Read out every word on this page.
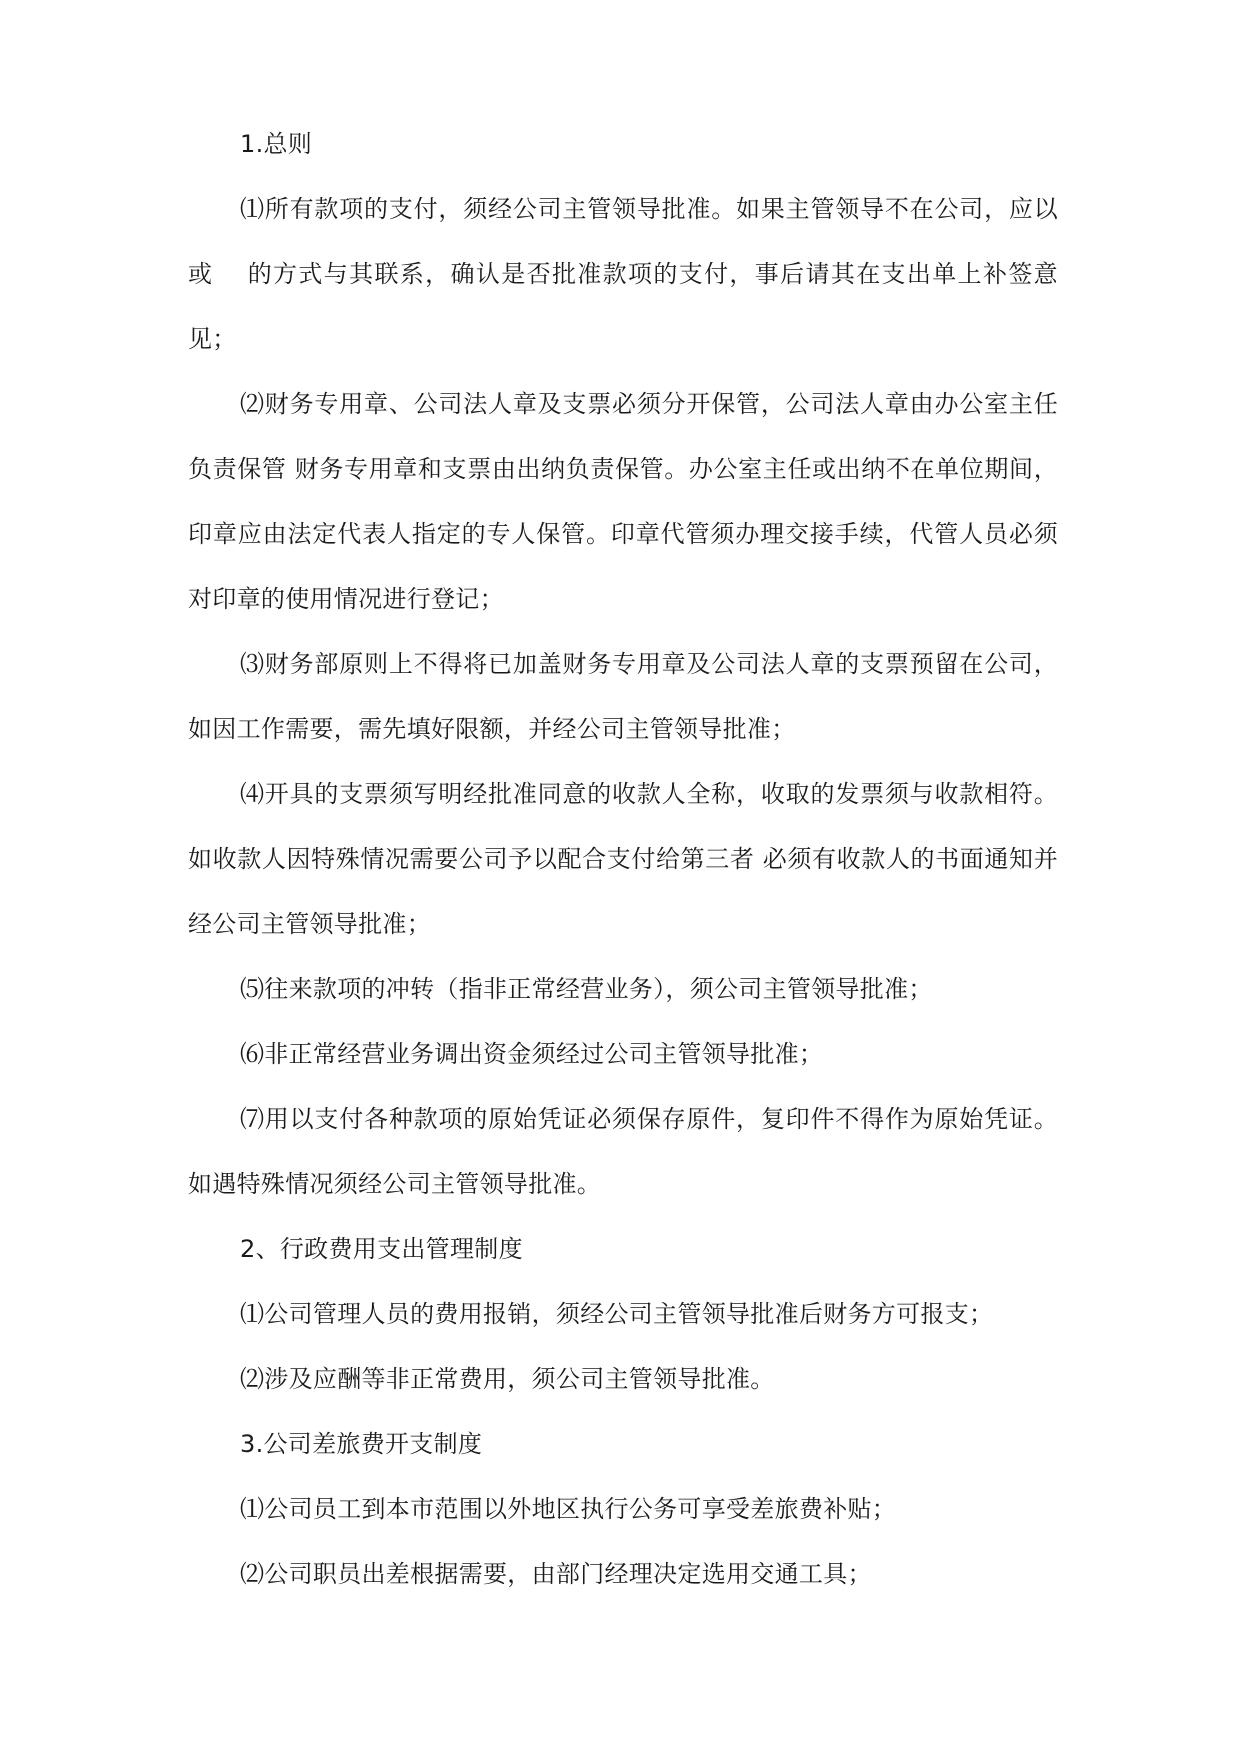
1.总则

⑴所有款项的支付，须经公司主管领导批准。如果主管领导不在公司，应以或　 的方式与其联系，确认是否批准款项的支付，事后请其在支出单上补签意见；

⑵财务专用章、公司法人章及支票必须分开保管，公司法人章由办公室主任负责保管 财务专用章和支票由出纳负责保管。办公室主任或出纳不在单位期间，印章应由法定代表人指定的专人保管。印章代管须办理交接手续，代管人员必须对印章的使用情况进行登记；

⑶财务部原则上不得将已加盖财务专用章及公司法人章的支票预留在公司，如因工作需要，需先填好限额，并经公司主管领导批准；

⑷开具的支票须写明经批准同意的收款人全称，收取的发票须与收款相符。如收款人因特殊情况需要公司予以配合支付给第三者 必须有收款人的书面通知并经公司主管领导批准；

⑸往来款项的冲转（指非正常经营业务），须公司主管领导批准；

⑹非正常经营业务调出资金须经过公司主管领导批准；

⑺用以支付各种款项的原始凭证必须保存原件，复印件不得作为原始凭证。如遇特殊情况须经公司主管领导批准。

2、行政费用支出管理制度

⑴公司管理人员的费用报销，须经公司主管领导批准后财务方可报支；

⑵涉及应酬等非正常费用，须公司主管领导批准。

3.公司差旅费开支制度

⑴公司员工到本市范围以外地区执行公务可享受差旅费补贴；

⑵公司职员出差根据需要，由部门经理决定选用交通工具；
